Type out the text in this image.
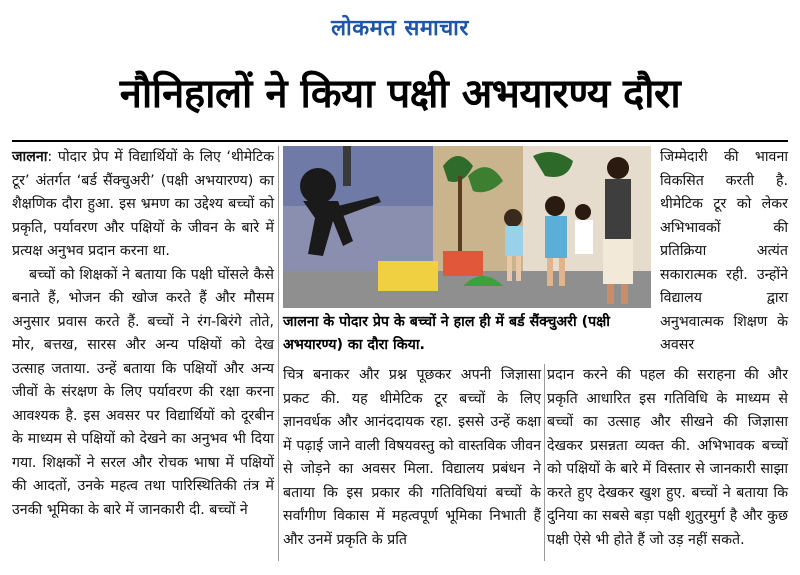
लोकमत समाचार
नौनिहालों ने किया पक्षी अभयारण्य दौरा

जालना: पोदार प्रेप में विद्यार्थियों के लिए ‘थीमेटिक टूर’ अंतर्गत ‘बर्ड सैंक्चुअरी’ (पक्षी अभयारण्य) का शैक्षणिक दौरा हुआ. इस भ्रमण का उद्देश्य बच्चों को प्रकृति, पर्यावरण और पक्षियों के जीवन के बारे में प्रत्यक्ष अनुभव प्रदान करना था.

बच्चों को शिक्षकों ने बताया कि पक्षी घोंसले कैसे बनाते हैं, भोजन की खोज करते हैं और मौसम अनुसार प्रवास करते हैं. बच्चों ने रंग-बिरंगे तोते, मोर, बत्तख, सारस और अन्य पक्षियों को देख उत्साह जताया. उन्हें बताया कि पक्षियों और अन्य जीवों के संरक्षण के लिए पर्यावरण की रक्षा करना आवश्यक है. इस अवसर पर विद्यार्थियों को दूरबीन के माध्यम से पक्षियों को देखने का अनुभव भी दिया गया. शिक्षकों ने सरल और रोचक भाषा में पक्षियों की आदतों, उनके महत्व तथा पारिस्थितिकी तंत्र में उनकी भूमिका के बारे में जानकारी दी. बच्चों ने

जालना के पोदार प्रेप के बच्चों ने हाल ही में बर्ड सैंक्चुअरी (पक्षी अभयारण्य) का दौरा किया.

जिम्मेदारी की भावना विकसित करती है. थीमेटिक टूर को लेकर अभिभावकों की प्रतिक्रिया अत्यंत सकारात्मक रही. उन्होंने विद्यालय द्वारा अनुभवात्मक शिक्षण के अवसर

चित्र बनाकर और प्रश्न पूछकर अपनी जिज्ञासा प्रकट की. यह थीमेटिक टूर बच्चों के लिए ज्ञानवर्धक और आनंददायक रहा. इससे उन्हें कक्षा में पढ़ाई जाने वाली विषयवस्तु को वास्तविक जीवन से जोड़ने का अवसर मिला. विद्यालय प्रबंधन ने बताया कि इस प्रकार की गतिविधियां बच्चों के सर्वांगीण विकास में महत्वपूर्ण भूमिका निभाती हैं और उनमें प्रकृति के प्रति

प्रदान करने की पहल की सराहना की और प्रकृति आधारित इस गतिविधि के माध्यम से बच्चों का उत्साह और सीखने की जिज्ञासा देखकर प्रसन्नता व्यक्त की. अभिभावक बच्चों को पक्षियों के बारे में विस्तार से जानकारी साझा करते हुए देखकर खुश हुए. बच्चों ने बताया कि दुनिया का सबसे बड़ा पक्षी शुतुरमुर्ग है और कुछ पक्षी ऐसे भी होते हैं जो उड़ नहीं सकते.
